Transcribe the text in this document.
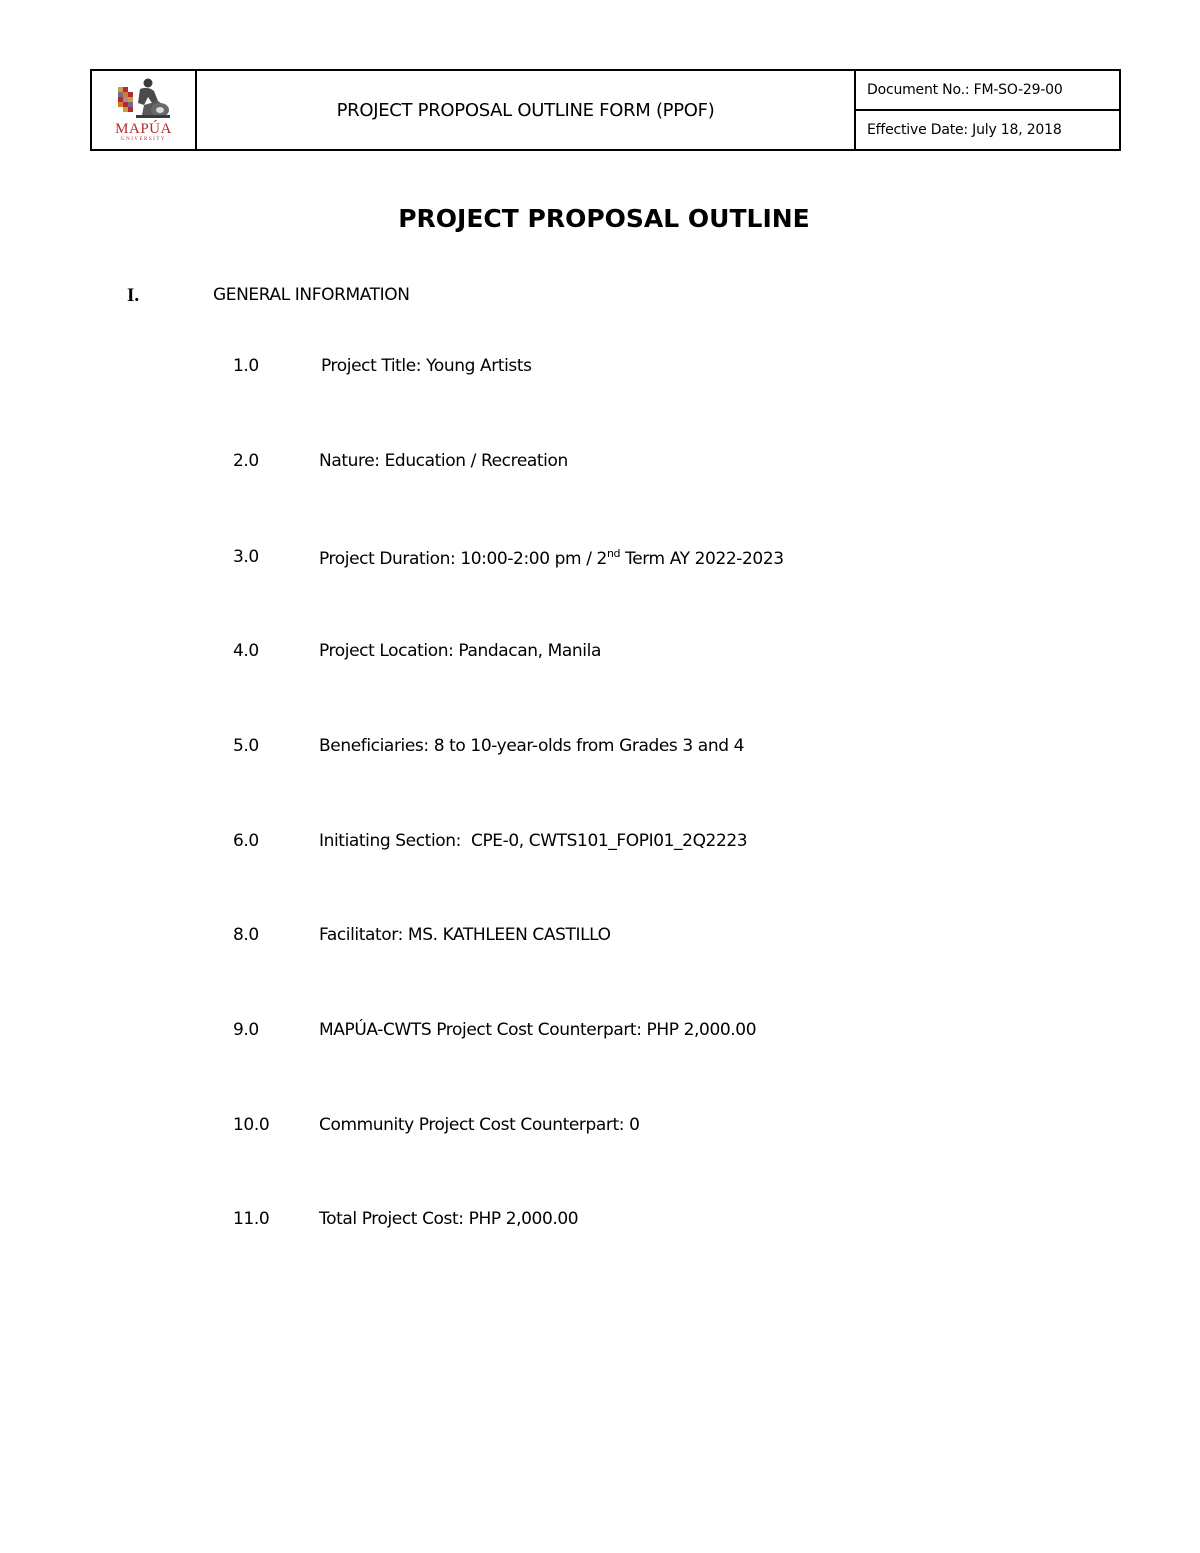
MAPÚA
UNIVERSITY
PROJECT PROPOSAL OUTLINE FORM (PPOF)
Document No.: FM-SO-29-00
Effective Date: July 18, 2018
PROJECT PROPOSAL OUTLINE
I.	GENERAL INFORMATION
1.0	Project Title: Young Artists
2.0	Nature: Education / Recreation
3.0	Project Duration: 10:00-2:00 pm / 2nd Term AY 2022-2023
4.0	Project Location: Pandacan, Manila
5.0	Beneficiaries: 8 to 10-year-olds from Grades 3 and 4
6.0	Initiating Section:  CPE-0, CWTS101_FOPI01_2Q2223
8.0	Facilitator: MS. KATHLEEN CASTILLO
9.0	MAPÚA-CWTS Project Cost Counterpart: PHP 2,000.00
10.0	Community Project Cost Counterpart: 0
11.0	Total Project Cost: PHP 2,000.00
